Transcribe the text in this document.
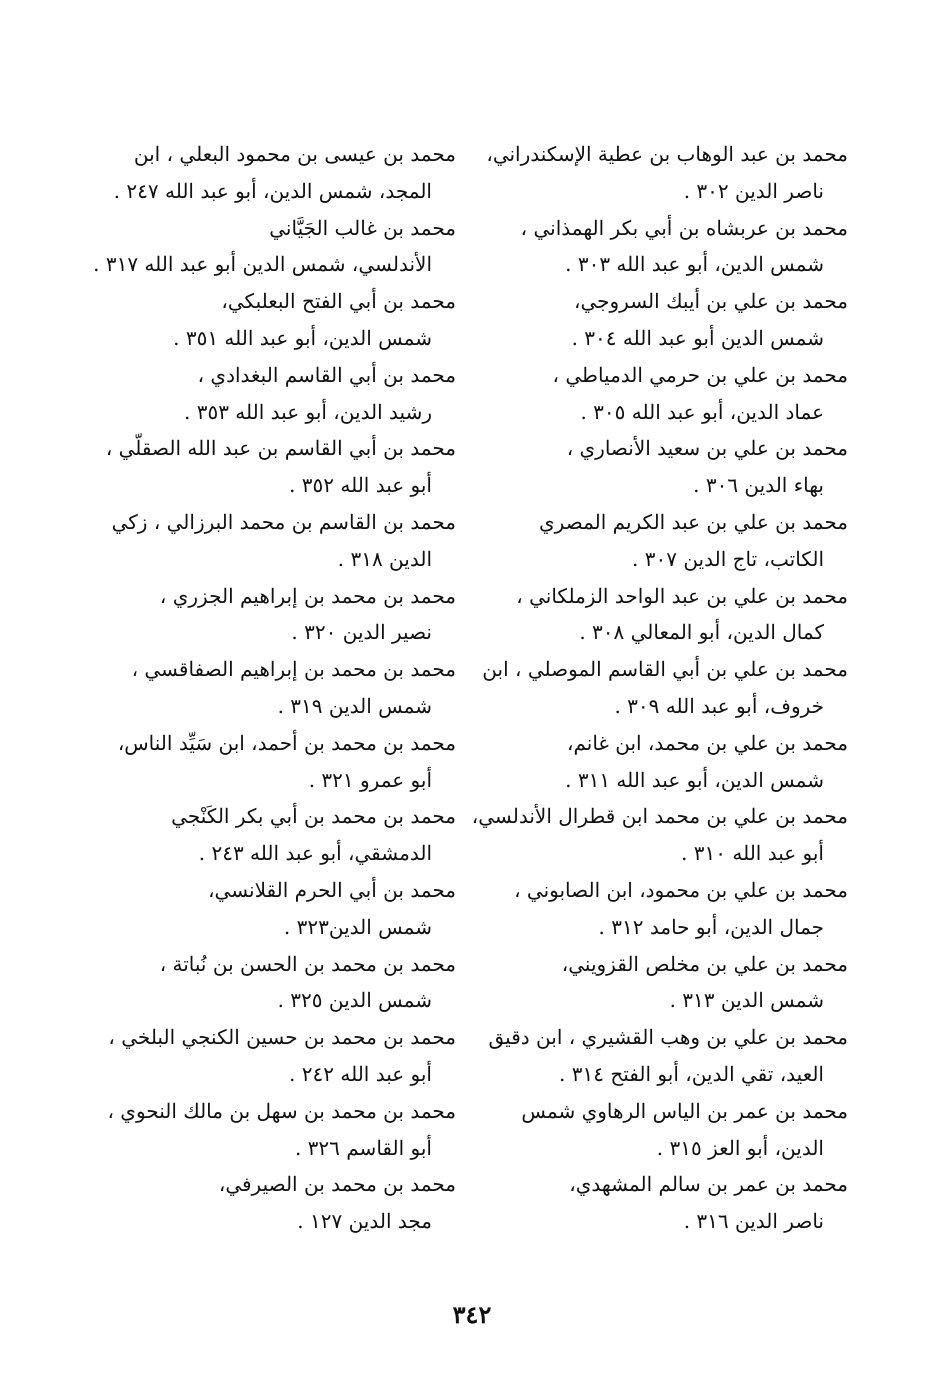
محمد بن عبد الوهاب بن عطية الإسكندراني،
ناصر الدين ٣٠٢ .

محمد بن عربشاه بن أبي بكر الهمذاني ،
شمس الدين، أبو عبد الله ٣٠٣ .

محمد بن علي بن أيبك السروجي،
شمس الدين أبو عبد الله ٣٠٤ .

محمد بن علي بن حرمي الدمياطي ،
عماد الدين، أبو عبد الله ٣٠٥ .

محمد بن علي بن سعيد الأنصاري ،
بهاء الدين ٣٠٦ .

محمد بن علي بن عبد الكريم المصري
الكاتب، تاج الدين ٣٠٧ .

محمد بن علي بن عبد الواحد الزملكاني ،
كمال الدين، أبو المعالي ٣٠٨ .

محمد بن علي بن أبي القاسم الموصلي ، ابن
خروف، أبو عبد الله ٣٠٩ .

محمد بن علي بن محمد، ابن غانم،
شمس الدين، أبو عبد الله ٣١١ .

محمد بن علي بن محمد ابن قطرال الأندلسي،
أبو عبد الله ٣١٠ .

محمد بن علي بن محمود، ابن الصابوني ،
جمال الدين، أبو حامد ٣١٢ .

محمد بن علي بن مخلص القزويني،
شمس الدين ٣١٣ .

محمد بن علي بن وهب القشيري ، ابن دقيق
العيد، تقي الدين، أبو الفتح ٣١٤ .

محمد بن عمر بن الياس الرهاوي شمس
الدين، أبو العز ٣١٥ .

محمد بن عمر بن سالم المشهدي،
ناصر الدين ٣١٦ .

محمد بن عيسى بن محمود البعلي ، ابن
المجد، شمس الدين، أبو عبد الله ٢٤٧ .

محمد بن غالب الجَيَّاني
الأندلسي، شمس الدين أبو عبد الله ٣١٧ .

محمد بن أبي الفتح البعلبكي،
شمس الدين، أبو عبد الله ٣٥١ .

محمد بن أبي القاسم البغدادي ،
رشيد الدين، أبو عبد الله ٣٥٣ .

محمد بن أبي القاسم بن عبد الله الصقلّي ،
أبو عبد الله ٣٥٢ .

محمد بن القاسم بن محمد البرزالي ، زكي
الدين ٣١٨ .

محمد بن محمد بن إبراهيم الجزري ،
نصير الدين ٣٢٠ .

محمد بن محمد بن إبراهيم الصفاقسي ،
شمس الدين ٣١٩ .

محمد بن محمد بن أحمد، ابن سَيِّد الناس،
أبو عمرو ٣٢١ .

محمد بن محمد بن أبي بكر الكَنْجي
الدمشقي، أبو عبد الله ٢٤٣ .

محمد بن أبي الحرم القلانسي،
شمس الدين٣٢٣ .

محمد بن محمد بن الحسن بن نُباتة ،
شمس الدين ٣٢٥ .

محمد بن محمد بن حسين الكنجي البلخي ،
أبو عبد الله ٢٤٢ .

محمد بن محمد بن سهل بن مالك النحوي ،
أبو القاسم ٣٢٦ .

محمد بن محمد بن الصيرفي،
مجد الدين ١٢٧ .

٣٤٢
